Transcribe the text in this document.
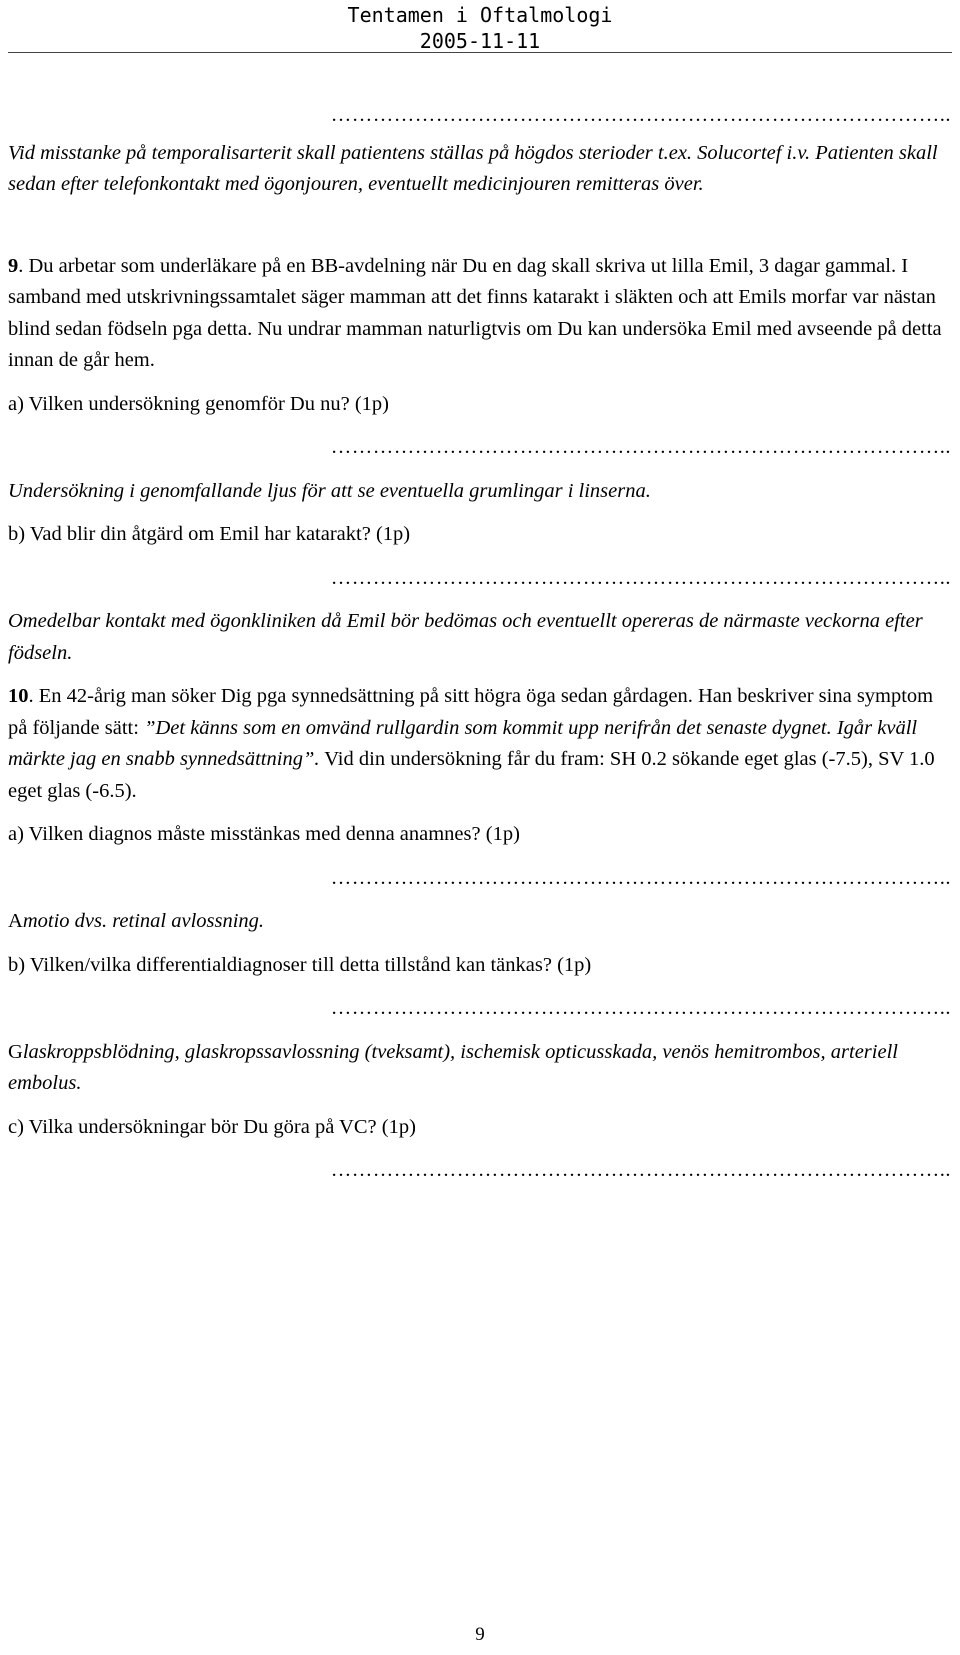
Tentamen i Oftalmologi
2005-11-11
……………………………………………………………………………..

Vid misstanke på temporalisarterit skall patientens ställas på högdos sterioder t.ex. Solucortef i.v. Patienten skall sedan efter telefonkontakt med ögonjouren, eventuellt medicinjouren remitteras över.

9. Du arbetar som underläkare på en BB-avdelning när Du en dag skall skriva ut lilla Emil, 3 dagar gammal. I samband med utskrivningssamtalet säger mamman att det finns katarakt i släkten och att Emils morfar var nästan blind sedan födseln pga detta. Nu undrar mamman naturligtvis om Du kan undersöka Emil med avseende på detta innan de går hem.

a) Vilken undersökning genomför Du nu? (1p)

……………………………………………………………………………..

Undersökning i genomfallande ljus för att se eventuella grumlingar i linserna.

b) Vad blir din åtgärd om Emil har katarakt? (1p)

……………………………………………………………………………..

Omedelbar kontakt med ögonkliniken då Emil bör bedömas och eventuellt opereras de närmaste veckorna efter födseln.

10. En 42-årig man söker Dig pga synnedsättning på sitt högra öga sedan gårdagen. Han beskriver sina symptom på följande sätt: ”Det känns som en omvänd rullgardin som kommit upp nerifrån det senaste dygnet. Igår kväll märkte jag en snabb synnedsättning”. Vid din undersökning får du fram: SH 0.2 sökande eget glas (-7.5), SV 1.0 eget glas (-6.5).

a) Vilken diagnos måste misstänkas med denna anamnes? (1p)

……………………………………………………………………………..

Amotio dvs. retinal avlossning.

b) Vilken/vilka differentialdiagnoser till detta tillstånd kan tänkas? (1p)

……………………………………………………………………………..

Glaskroppsblödning, glaskropssavlossning (tveksamt), ischemisk opticusskada, venös hemitrombos, arteriell embolus.

c) Vilka undersökningar bör Du göra på VC? (1p)

……………………………………………………………………………..
9
